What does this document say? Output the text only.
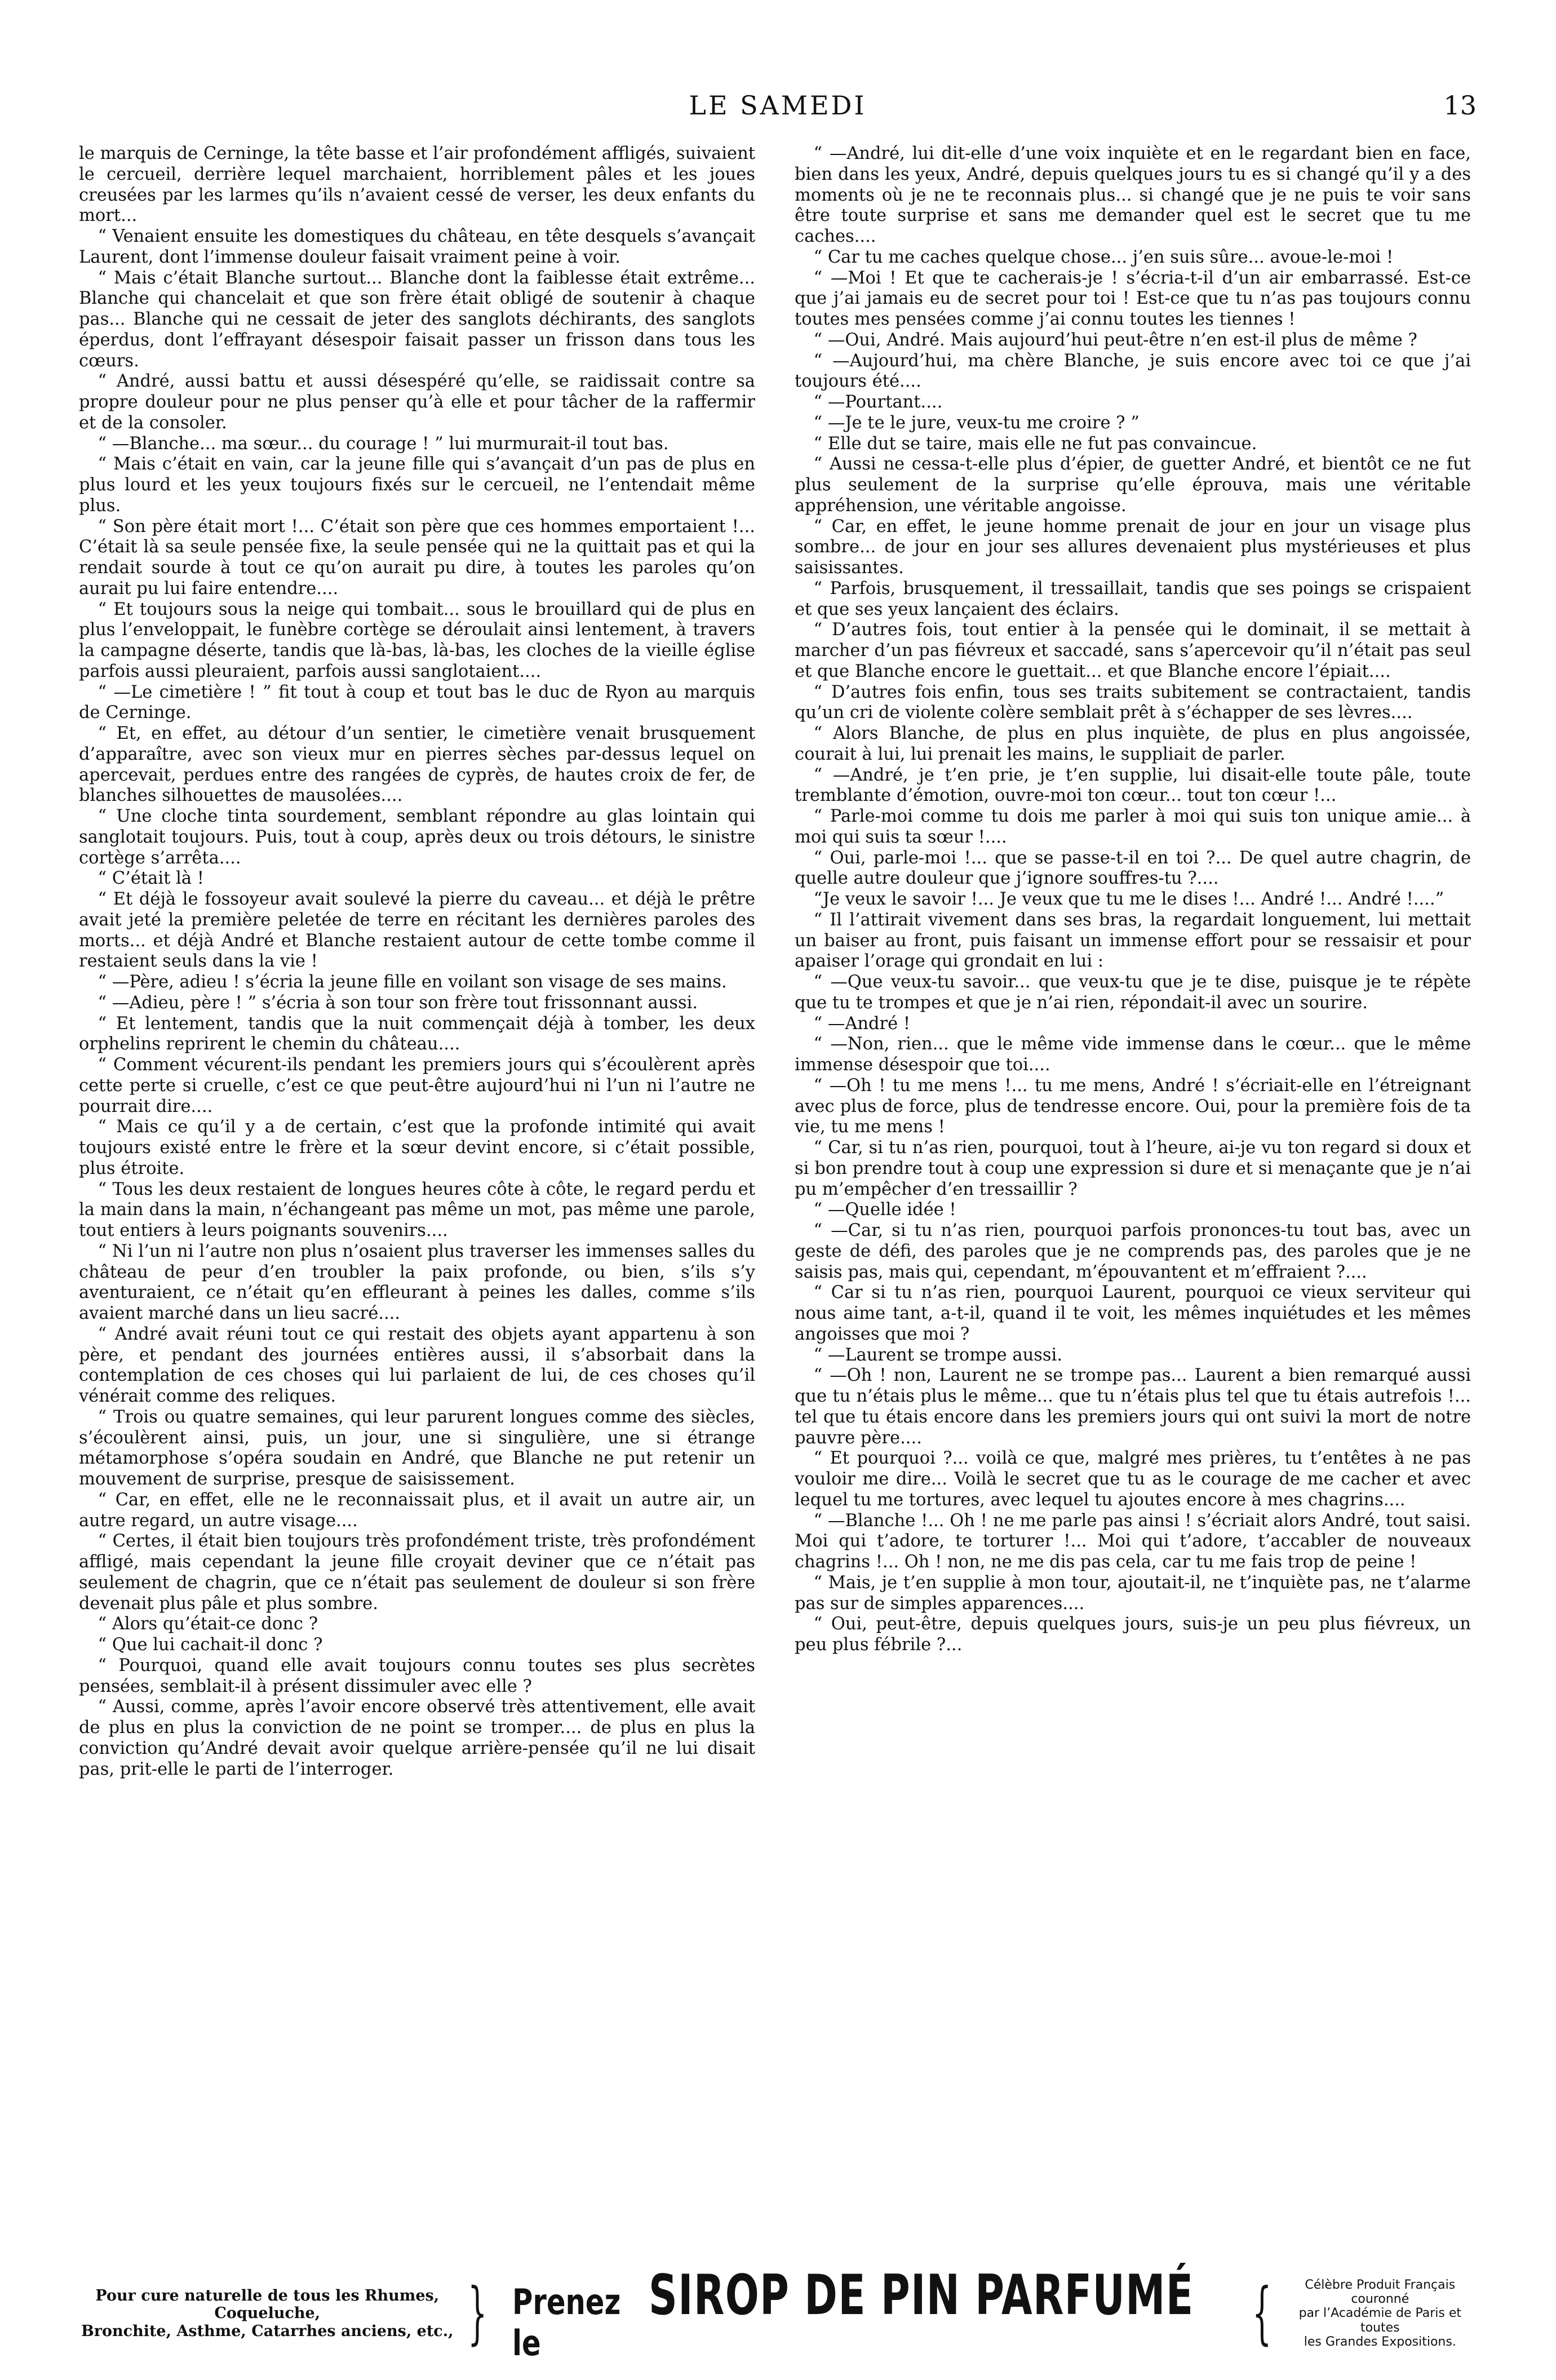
LE SAMEDI	13

le marquis de Cerninge, la tête basse et l’air profondément affligés, suivaient le cercueil, derrière lequel marchaient, horriblement pâles et les joues creusées par les larmes qu’ils n’avaient cessé de verser, les deux enfants du mort...

“ Venaient ensuite les domestiques du château, en tête desquels s’avançait Laurent, dont l’immense douleur faisait vraiment peine à voir.

“ Mais c’était Blanche surtout... Blanche dont la faiblesse était extrême... Blanche qui chancelait et que son frère était obligé de soutenir à chaque pas... Blanche qui ne cessait de jeter des sanglots déchirants, des sanglots éperdus, dont l’effrayant désespoir faisait passer un frisson dans tous les cœurs.

“ André, aussi battu et aussi désespéré qu’elle, se raidissait contre sa propre douleur pour ne plus penser qu’à elle et pour tâcher de la raffermir et de la consoler.

“ —Blanche... ma sœur... du courage ! ” lui murmurait-il tout bas.

“ Mais c’était en vain, car la jeune fille qui s’avançait d’un pas de plus en plus lourd et les yeux toujours fixés sur le cercueil, ne l’entendait même plus.

“ Son père était mort !... C’était son père que ces hommes emportaient !... C’était là sa seule pensée fixe, la seule pensée qui ne la quittait pas et qui la rendait sourde à tout ce qu’on aurait pu dire, à toutes les paroles qu’on aurait pu lui faire entendre....

“ Et toujours sous la neige qui tombait... sous le brouillard qui de plus en plus l’enveloppait, le funèbre cortège se déroulait ainsi lentement, à travers la campagne déserte, tandis que là-bas, là-bas, les cloches de la vieille église parfois aussi pleuraient, parfois aussi sanglotaient....

“ —Le cimetière ! ” fit tout à coup et tout bas le duc de Ryon au marquis de Cerninge.

“ Et, en effet, au détour d’un sentier, le cimetière venait brusquement d’apparaître, avec son vieux mur en pierres sèches par-dessus lequel on apercevait, perdues entre des rangées de cyprès, de hautes croix de fer, de blanches silhouettes de mausolées....

“ Une cloche tinta sourdement, semblant répondre au glas lointain qui sanglotait toujours. Puis, tout à coup, après deux ou trois détours, le sinistre cortège s’arrêta....

“ C’était là !

“ Et déjà le fossoyeur avait soulevé la pierre du caveau... et déjà le prêtre avait jeté la première peletée de terre en récitant les dernières paroles des morts... et déjà André et Blanche restaient autour de cette tombe comme il restaient seuls dans la vie !

“ —Père, adieu ! s’écria la jeune fille en voilant son visage de ses mains.

“ —Adieu, père ! ” s’écria à son tour son frère tout frissonnant aussi.

“ Et lentement, tandis que la nuit commençait déjà à tomber, les deux orphelins reprirent le chemin du château....

“ Comment vécurent-ils pendant les premiers jours qui s’écoulèrent après cette perte si cruelle, c’est ce que peut-être aujourd’hui ni l’un ni l’autre ne pourrait dire....

“ Mais ce qu’il y a de certain, c’est que la profonde intimité qui avait toujours existé entre le frère et la sœur devint encore, si c’était possible, plus étroite.

“ Tous les deux restaient de longues heures côte à côte, le regard perdu et la main dans la main, n’échangeant pas même un mot, pas même une parole, tout entiers à leurs poignants souvenirs....

“ Ni l’un ni l’autre non plus n’osaient plus traverser les immenses salles du château de peur d’en troubler la paix profonde, ou bien, s’ils s’y aventuraient, ce n’était qu’en effleurant à peines les dalles, comme s’ils avaient marché dans un lieu sacré....

“ André avait réuni tout ce qui restait des objets ayant appartenu à son père, et pendant des journées entières aussi, il s’absorbait dans la contemplation de ces choses qui lui parlaient de lui, de ces choses qu’il vénérait comme des reliques.

“ Trois ou quatre semaines, qui leur parurent longues comme des siècles, s’écoulèrent ainsi, puis, un jour, une si singulière, une si étrange métamorphose s’opéra soudain en André, que Blanche ne put retenir un mouvement de surprise, presque de saisissement.

“ Car, en effet, elle ne le reconnaissait plus, et il avait un autre air, un autre regard, un autre visage....

“ Certes, il était bien toujours très profondément triste, très profondément affligé, mais cependant la jeune fille croyait deviner que ce n’était pas seulement de chagrin, que ce n’était pas seulement de douleur si son frère devenait plus pâle et plus sombre.

“ Alors qu’était-ce donc ?

“ Que lui cachait-il donc ?

“ Pourquoi, quand elle avait toujours connu toutes ses plus secrètes pensées, semblait-il à présent dissimuler avec elle ?

“ Aussi, comme, après l’avoir encore observé très attentivement, elle avait de plus en plus la conviction de ne point se tromper.... de plus en plus la conviction qu’André devait avoir quelque arrière-pensée qu’il ne lui disait pas, prit-elle le parti de l’interroger.

“ —André, lui dit-elle d’une voix inquiète et en le regardant bien en face, bien dans les yeux, André, depuis quelques jours tu es si changé qu’il y a des moments où je ne te reconnais plus... si changé que je ne puis te voir sans être toute surprise et sans me demander quel est le secret que tu me caches....

“ Car tu me caches quelque chose... j’en suis sûre... avoue-le-moi !

“ —Moi ! Et que te cacherais-je ! s’écria-t-il d’un air embarrassé. Est-ce que j’ai jamais eu de secret pour toi ! Est-ce que tu n’as pas toujours connu toutes mes pensées comme j’ai connu toutes les tiennes !

“ —Oui, André. Mais aujourd’hui peut-être n’en est-il plus de même ?

“ —Aujourd’hui, ma chère Blanche, je suis encore avec toi ce que j’ai toujours été....

“ —Pourtant....

“ —Je te le jure, veux-tu me croire ? ”

“ Elle dut se taire, mais elle ne fut pas convaincue.

“ Aussi ne cessa-t-elle plus d’épier, de guetter André, et bientôt ce ne fut plus seulement de la surprise qu’elle éprouva, mais une véritable appréhension, une véritable angoisse.

“ Car, en effet, le jeune homme prenait de jour en jour un visage plus sombre... de jour en jour ses allures devenaient plus mystérieuses et plus saisissantes.

“ Parfois, brusquement, il tressaillait, tandis que ses poings se crispaient et que ses yeux lançaient des éclairs.

“ D’autres fois, tout entier à la pensée qui le dominait, il se mettait à marcher d’un pas fiévreux et saccadé, sans s’apercevoir qu’il n’était pas seul et que Blanche encore le guettait... et que Blanche encore l’épiait....

“ D’autres fois enfin, tous ses traits subitement se contractaient, tandis qu’un cri de violente colère semblait prêt à s’échapper de ses lèvres....

“ Alors Blanche, de plus en plus inquiète, de plus en plus angoissée, courait à lui, lui prenait les mains, le suppliait de parler.

“ —André, je t’en prie, je t’en supplie, lui disait-elle toute pâle, toute tremblante d’émotion, ouvre-moi ton cœur... tout ton cœur !...

“ Parle-moi comme tu dois me parler à moi qui suis ton unique amie... à moi qui suis ta sœur !....

“ Oui, parle-moi !... que se passe-t-il en toi ?... De quel autre chagrin, de quelle autre douleur que j’ignore souffres-tu ?....

“Je veux le savoir !... Je veux que tu me le dises !... André !... André !....”

“ Il l’attirait vivement dans ses bras, la regardait longuement, lui mettait un baiser au front, puis faisant un immense effort pour se ressaisir et pour apaiser l’orage qui grondait en lui :

“ —Que veux-tu savoir... que veux-tu que je te dise, puisque je te répète que tu te trompes et que je n’ai rien, répondait-il avec un sourire.

“ —André !

“ —Non, rien... que le même vide immense dans le cœur... que le même immense désespoir que toi....

“ —Oh ! tu me mens !... tu me mens, André ! s’écriait-elle en l’étreignant avec plus de force, plus de tendresse encore. Oui, pour la première fois de ta vie, tu me mens !

“ Car, si tu n’as rien, pourquoi, tout à l’heure, ai-je vu ton regard si doux et si bon prendre tout à coup une expression si dure et si menaçante que je n’ai pu m’empêcher d’en tressaillir ?

“ —Quelle idée !

“ —Car, si tu n’as rien, pourquoi parfois prononces-tu tout bas, avec un geste de défi, des paroles que je ne comprends pas, des paroles que je ne saisis pas, mais qui, cependant, m’épouvantent et m’effraient ?....

“ Car si tu n’as rien, pourquoi Laurent, pourquoi ce vieux serviteur qui nous aime tant, a-t-il, quand il te voit, les mêmes inquiétudes et les mêmes angoisses que moi ?

“ —Laurent se trompe aussi.

“ —Oh ! non, Laurent ne se trompe pas... Laurent a bien remarqué aussi que tu n’étais plus le même... que tu n’étais plus tel que tu étais autrefois !... tel que tu étais encore dans les premiers jours qui ont suivi la mort de notre pauvre père....

“ Et pourquoi ?... voilà ce que, malgré mes prières, tu t’entêtes à ne pas vouloir me dire... Voilà le secret que tu as le courage de me cacher et avec lequel tu me tortures, avec lequel tu ajoutes encore à mes chagrins....

“ —Blanche !... Oh ! ne me parle pas ainsi ! s’écriait alors André, tout saisi. Moi qui t’adore, te torturer !... Moi qui t’adore, t’accabler de nouveaux chagrins !... Oh ! non, ne me dis pas cela, car tu me fais trop de peine !

“ Mais, je t’en supplie à mon tour, ajoutait-il, ne t’inquiète pas, ne t’alarme pas sur de simples apparences....

“ Oui, peut-être, depuis quelques jours, suis-je un peu plus fiévreux, un peu plus fébrile ?...

Pour cure naturelle de tous les Rhumes, Coqueluche,
Bronchite, Asthme, Catarrhes anciens, etc., } Prenez le
SIROP DE PIN PARFUMÉ {	Célèbre Produit Français couronné
par l’Académie de Paris et toutes
les Grandes Expositions.
